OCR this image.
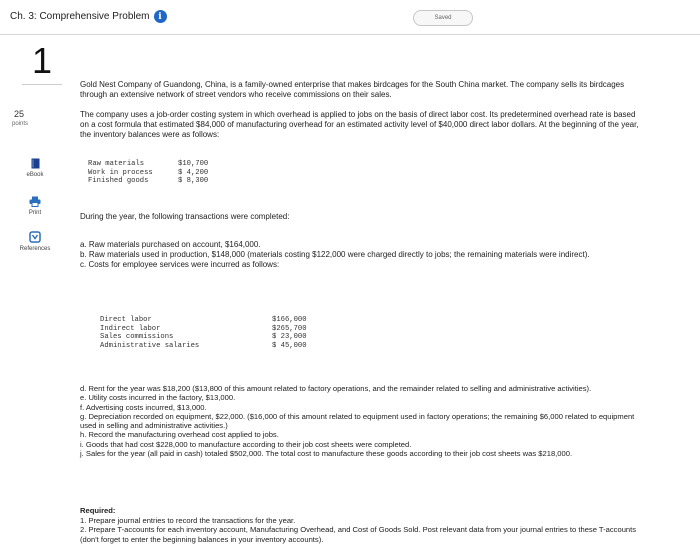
Ch. 3: Comprehensive Problem i	Saved
1
25
points
eBook
Print
References
Gold Nest Company of Guandong, China, is a family-owned enterprise that makes birdcages for the South China market. The company sells its birdcages through an extensive network of street vendors who receive commissions on their sales.
The company uses a job-order costing system in which overhead is applied to jobs on the basis of direct labor cost. Its predetermined overhead rate is based on a cost formula that estimated $84,000 of manufacturing overhead for an estimated activity level of $40,000 direct labor dollars. At the beginning of the year, the inventory balances were as follows:
Raw materials	$10,700
Work in process	$ 4,200
Finished goods	$ 8,300
During the year, the following transactions were completed:

a. Raw materials purchased on account, $164,000.

b. Raw materials used in production, $148,000 (materials costing $122,000 were charged directly to jobs; the remaining materials were indirect).

c. Costs for employee services were incurred as follows:

Direct labor	$166,000
Indirect labor	$265,700
Sales commissions	$ 23,000
Administrative salaries	$ 45,000

d. Rent for the year was $18,200 ($13,800 of this amount related to factory operations, and the remainder related to selling and administrative activities).

e. Utility costs incurred in the factory, $13,000.

f. Advertising costs incurred, $13,000.

g. Depreciation recorded on equipment, $22,000. ($16,000 of this amount related to equipment used in factory operations; the remaining $6,000 related to equipment used in selling and administrative activities.)

h. Record the manufacturing overhead cost applied to jobs.

i. Goods that had cost $228,000 to manufacture according to their job cost sheets were completed.

j. Sales for the year (all paid in cash) totaled $502,000. The total cost to manufacture these goods according to their job cost sheets was $218,000.

Required:

1. Prepare journal entries to record the transactions for the year.

2. Prepare T-accounts for each inventory account, Manufacturing Overhead, and Cost of Goods Sold. Post relevant data from your journal entries to these T-accounts (don't forget to enter the beginning balances in your inventory accounts).
